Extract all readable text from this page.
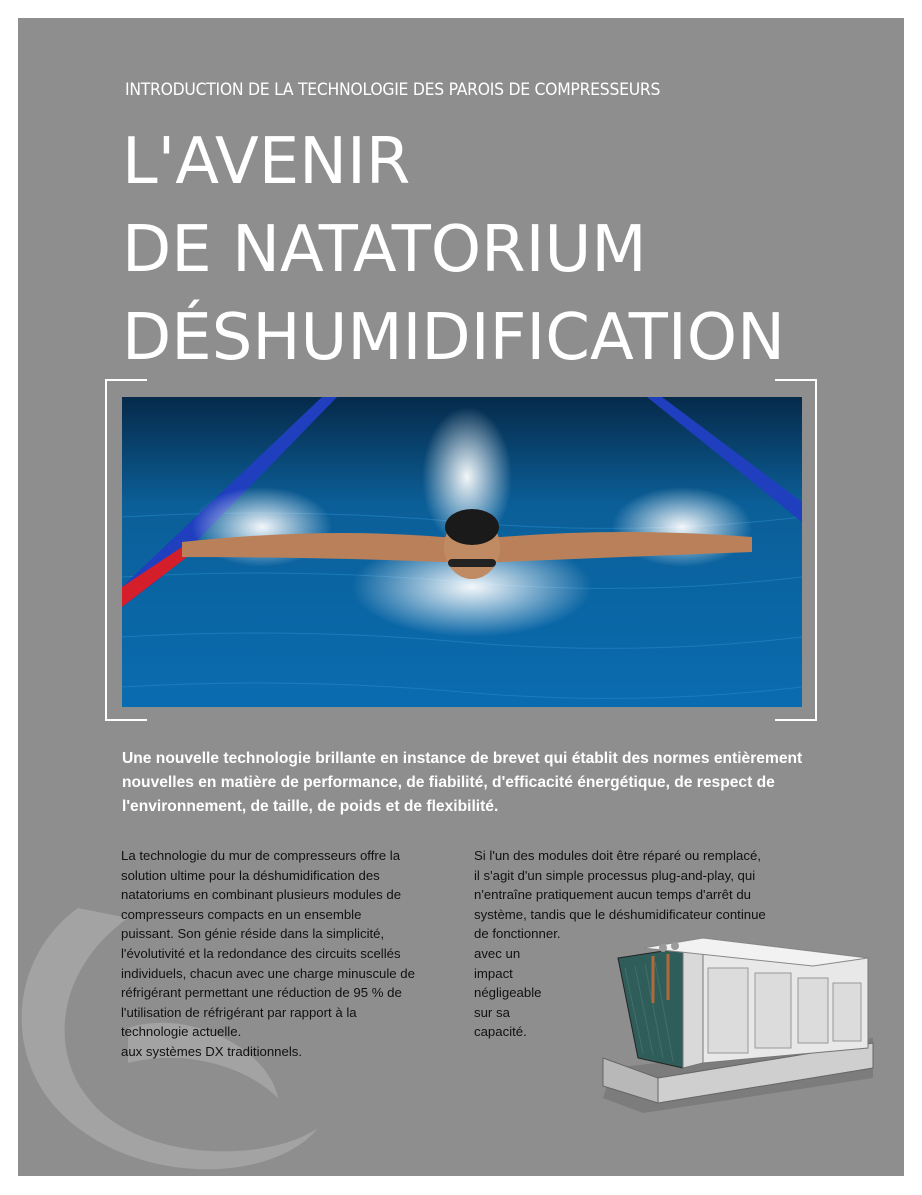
INTRODUCTION DE LA TECHNOLOGIE DES PAROIS DE COMPRESSEURS
L'AVENIR
DE NATATORIUM
DÉSHUMIDIFICATION
Une nouvelle technologie brillante en instance de brevet qui établit des normes entièrement nouvelles en matière de performance, de fiabilité, d'efficacité énergétique, de respect de l'environnement, de taille, de poids et de flexibilité.

La technologie du mur de compresseurs offre la

solution ultime pour la déshumidification des

natatoriums en combinant plusieurs modules de

compresseurs compacts en un ensemble

puissant. Son génie réside dans la simplicité,

l'évolutivité et la redondance des circuits scellés

individuels, chacun avec une charge minuscule de

réfrigérant permettant une réduction de 95 % de

l'utilisation de réfrigérant par rapport à la

technologie actuelle.

aux systèmes DX traditionnels.

Si l'un des modules doit être réparé ou remplacé,

il s'agit d'un simple processus plug-and-play, qui

n'entraîne pratiquement aucun temps d'arrêt du

système, tandis que le déshumidificateur continue

de fonctionner.

avec un

impact

négligeable

sur sa

capacité.
